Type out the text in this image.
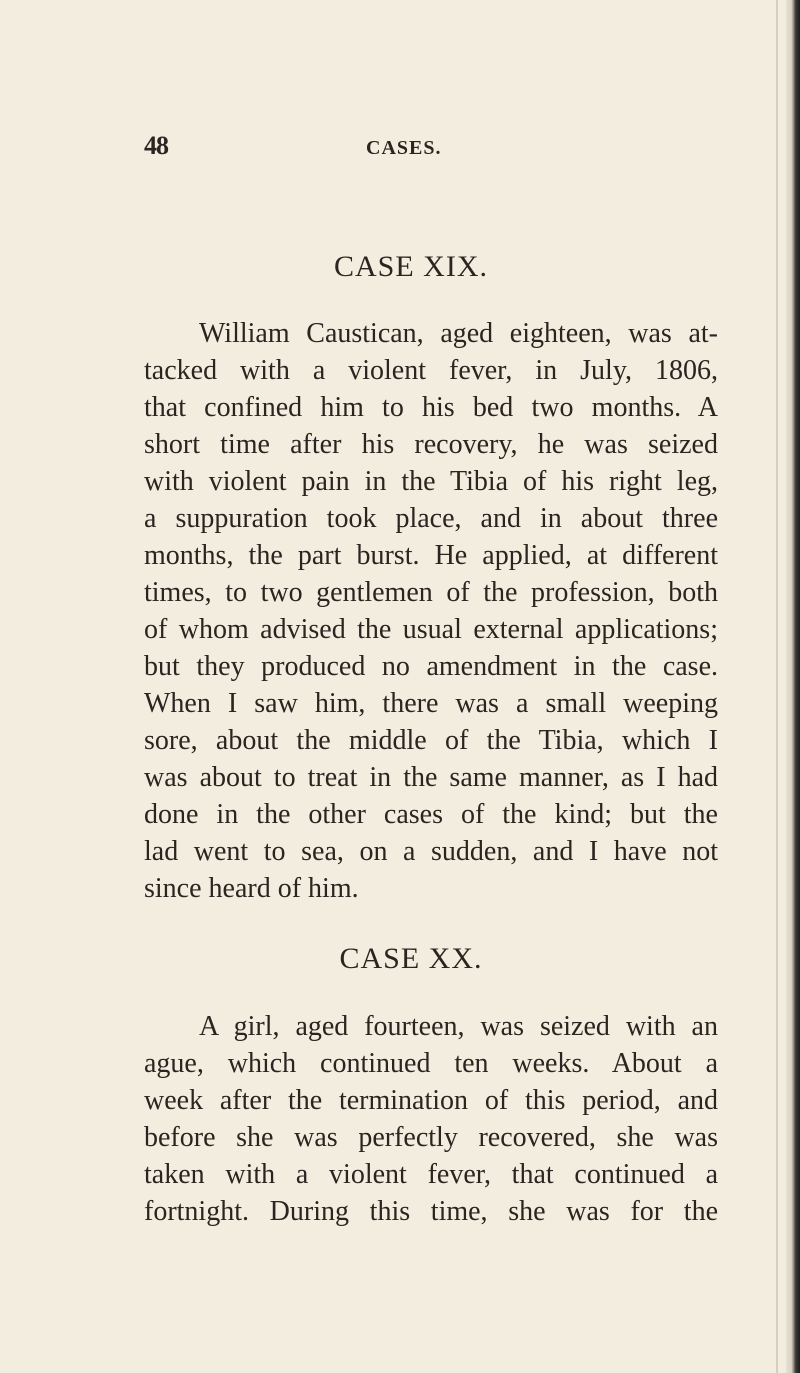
48	CASES.
CASE XIX.
William Caustican, aged eighteen, was at-
tacked with a violent fever, in July, 1806,
that confined him to his bed two months. A
short time after his recovery, he was seized
with violent pain in the Tibia of his right leg,
a suppuration took place, and in about three
months, the part burst. He applied, at different
times, to two gentlemen of the profession, both
of whom advised the usual external applications;
but they produced no amendment in the case.
When I saw him, there was a small weeping
sore, about the middle of the Tibia, which I
was about to treat in the same manner, as I had
done in the other cases of the kind; but the
lad went to sea, on a sudden, and I have not
since heard of him.
CASE XX.
A girl, aged fourteen, was seized with an
ague, which continued ten weeks. About a
week after the termination of this period, and
before she was perfectly recovered, she was
taken with a violent fever, that continued a
fortnight. During this time, she was for the
